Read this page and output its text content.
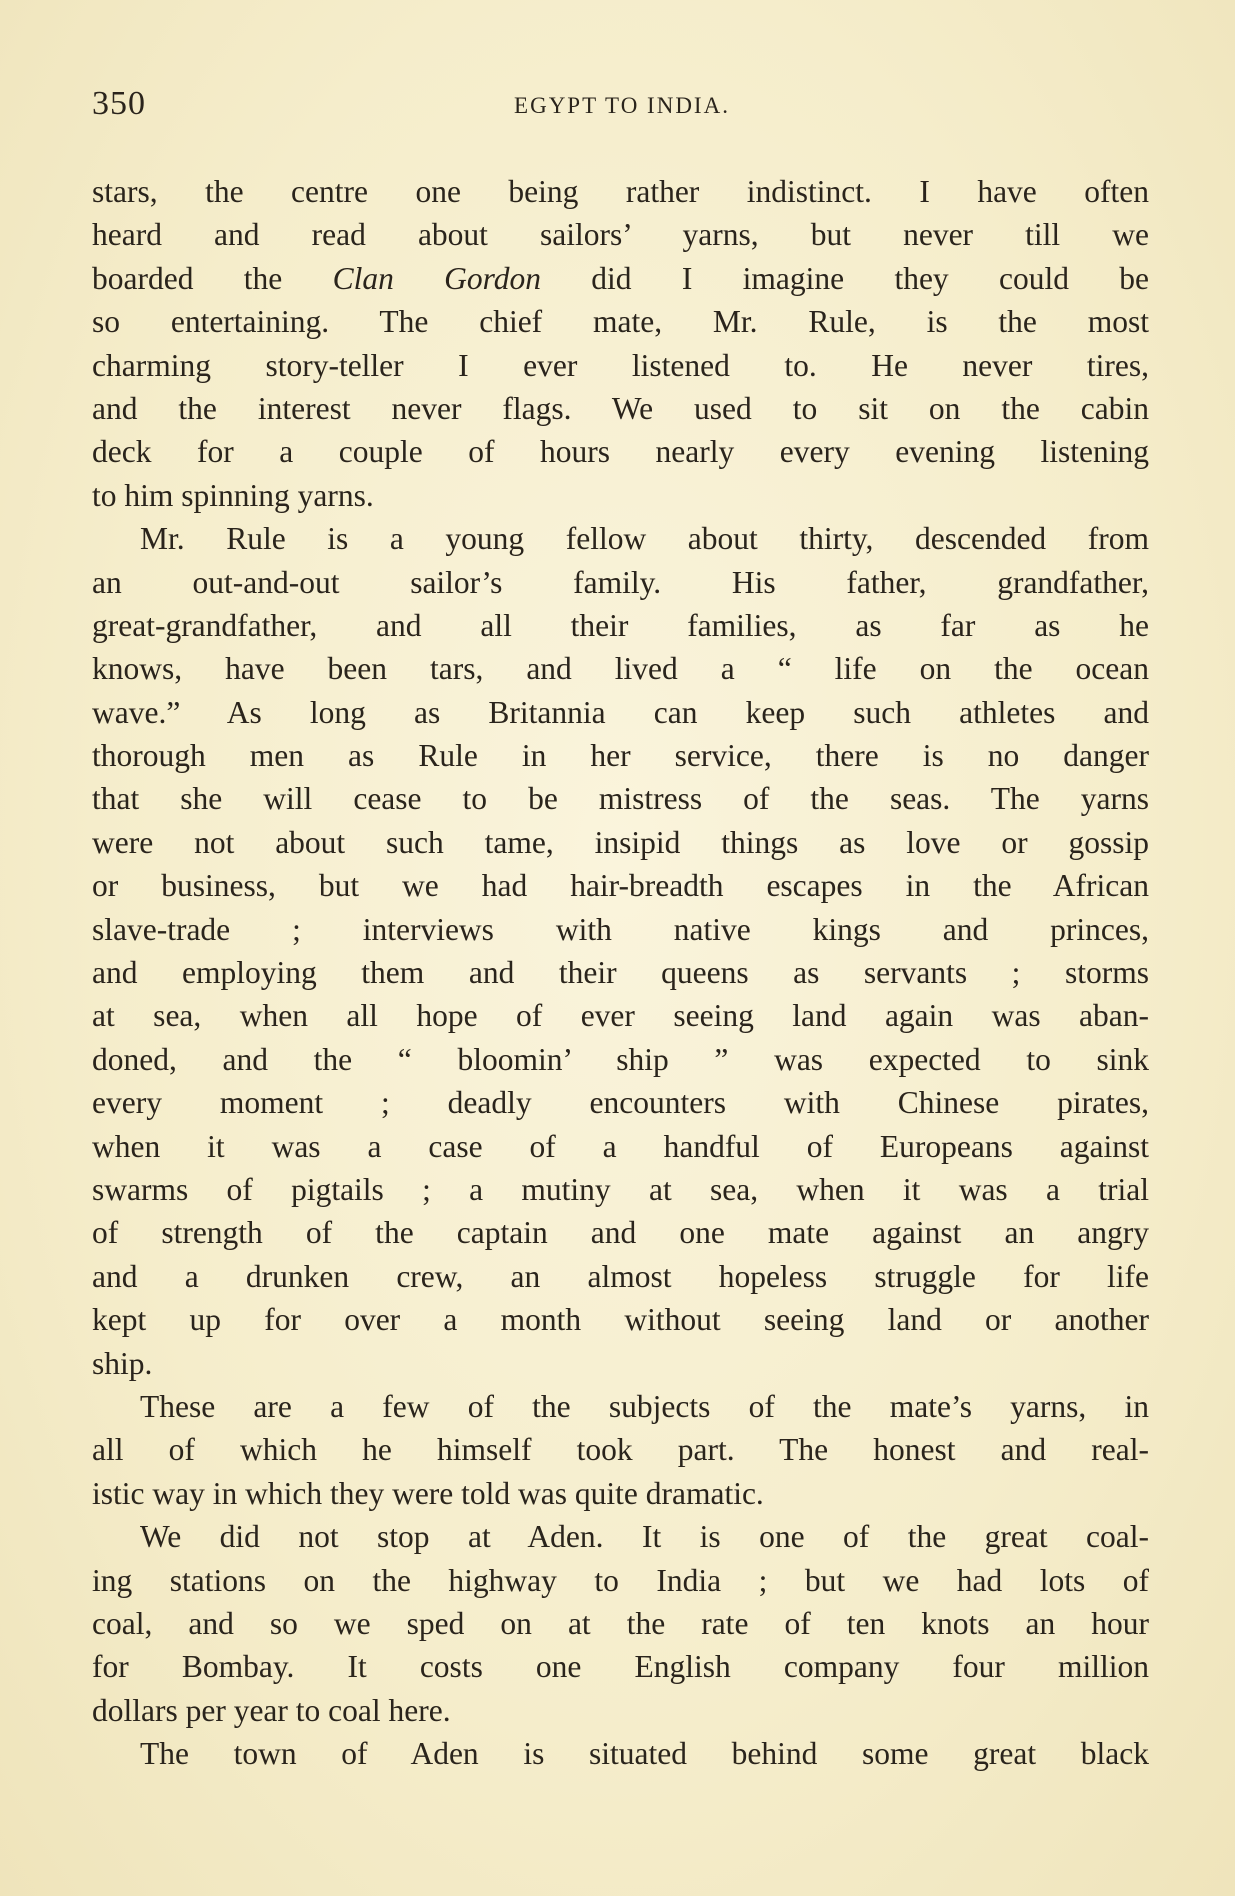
350	EGYPT TO INDIA.
stars, the centre one being rather indistinct. I have often
heard and read about sailors’ yarns, but never till we
boarded the Clan Gordon did I imagine they could be
so entertaining. The chief mate, Mr. Rule, is the most
charming story-teller I ever listened to. He never tires,
and the interest never flags. We used to sit on the cabin
deck for a couple of hours nearly every evening listening
to him spinning yarns.
Mr. Rule is a young fellow about thirty, descended from
an out-and-out sailor’s family. His father, grandfather,
great-grandfather, and all their families, as far as he
knows, have been tars, and lived a “ life on the ocean
wave.” As long as Britannia can keep such athletes and
thorough men as Rule in her service, there is no danger
that she will cease to be mistress of the seas. The yarns
were not about such tame, insipid things as love or gossip
or business, but we had hair-breadth escapes in the African
slave-trade ; interviews with native kings and princes,
and employing them and their queens as servants ; storms
at sea, when all hope of ever seeing land again was aban-
doned, and the “ bloomin’ ship ” was expected to sink
every moment ; deadly encounters with Chinese pirates,
when it was a case of a handful of Europeans against
swarms of pigtails ; a mutiny at sea, when it was a trial
of strength of the captain and one mate against an angry
and a drunken crew, an almost hopeless struggle for life
kept up for over a month without seeing land or another
ship.
These are a few of the subjects of the mate’s yarns, in
all of which he himself took part. The honest and real-
istic way in which they were told was quite dramatic.
We did not stop at Aden. It is one of the great coal-
ing stations on the highway to India ; but we had lots of
coal, and so we sped on at the rate of ten knots an hour
for Bombay. It costs one English company four million
dollars per year to coal here.
The town of Aden is situated behind some great black
